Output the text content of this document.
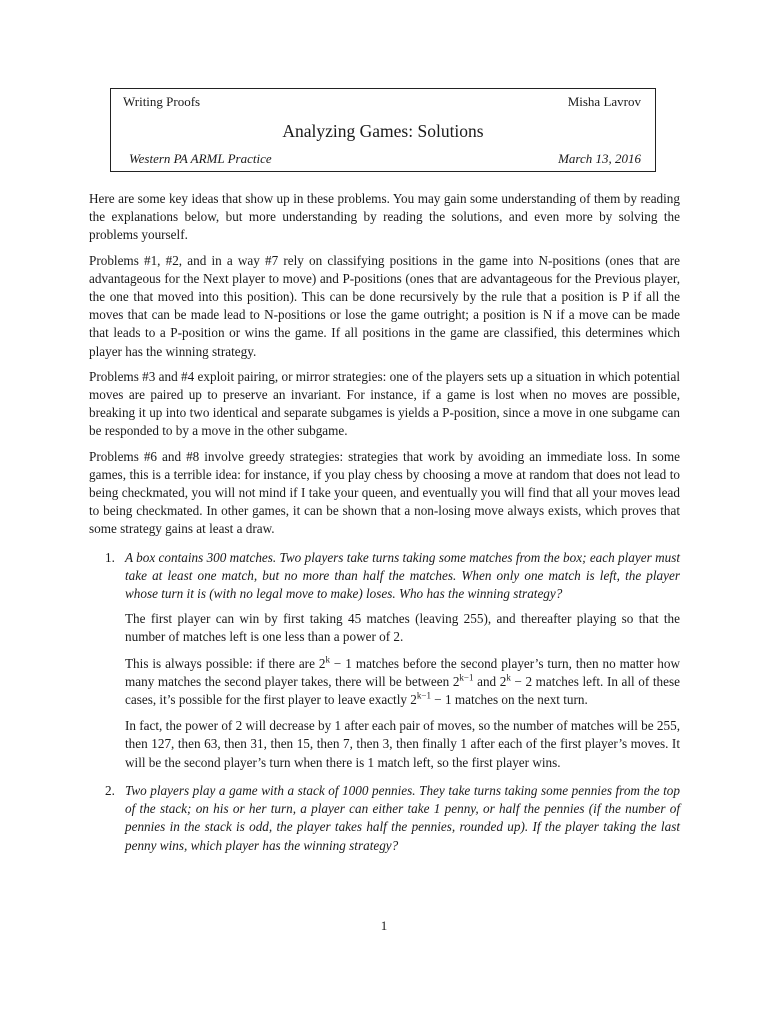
Writing Proofs	Misha Lavrov
Analyzing Games: Solutions
Western PA ARML Practice	March 13, 2016

Here are some key ideas that show up in these problems. You may gain some understanding of them by reading the explanations below, but more understanding by reading the solutions, and even more by solving the problems yourself.

Problems #1, #2, and in a way #7 rely on classifying positions in the game into N-positions (ones that are advantageous for the Next player to move) and P-positions (ones that are advantageous for the Previous player, the one that moved into this position). This can be done recursively by the rule that a position is P if all the moves that can be made lead to N-positions or lose the game outright; a position is N if a move can be made that leads to a P-position or wins the game. If all positions in the game are classified, this determines which player has the winning strategy.

Problems #3 and #4 exploit pairing, or mirror strategies: one of the players sets up a situation in which potential moves are paired up to preserve an invariant. For instance, if a game is lost when no moves are possible, breaking it up into two identical and separate subgames is yields a P-position, since a move in one subgame can be responded to by a move in the other subgame.

Problems #6 and #8 involve greedy strategies: strategies that work by avoiding an immediate loss. In some games, this is a terrible idea: for instance, if you play chess by choosing a move at random that does not lead to being checkmated, you will not mind if I take your queen, and eventually you will find that all your moves lead to being checkmated. In other games, it can be shown that a non-losing move always exists, which proves that some strategy gains at least a draw.

1. A box contains 300 matches. Two players take turns taking some matches from the box; each player must take at least one match, but no more than half the matches. When only one match is left, the player whose turn it is (with no legal move to make) loses. Who has the winning strategy?

The first player can win by first taking 45 matches (leaving 255), and thereafter playing so that the number of matches left is one less than a power of 2.

This is always possible: if there are $2^k - 1$ matches before the second player’s turn, then no matter how many matches the second player takes, there will be between $2^{k-1}$ and $2^k - 2$ matches left. In all of these cases, it’s possible for the first player to leave exactly $2^{k-1} - 1$ matches on the next turn.

In fact, the power of 2 will decrease by 1 after each pair of moves, so the number of matches will be 255, then 127, then 63, then 31, then 15, then 7, then 3, then finally 1 after each of the first player’s moves. It will be the second player’s turn when there is 1 match left, so the first player wins.

2. Two players play a game with a stack of 1000 pennies. They take turns taking some pennies from the top of the stack; on his or her turn, a player can either take 1 penny, or half the pennies (if the number of pennies in the stack is odd, the player takes half the pennies, rounded up). If the player taking the last penny wins, which player has the winning strategy?

1
